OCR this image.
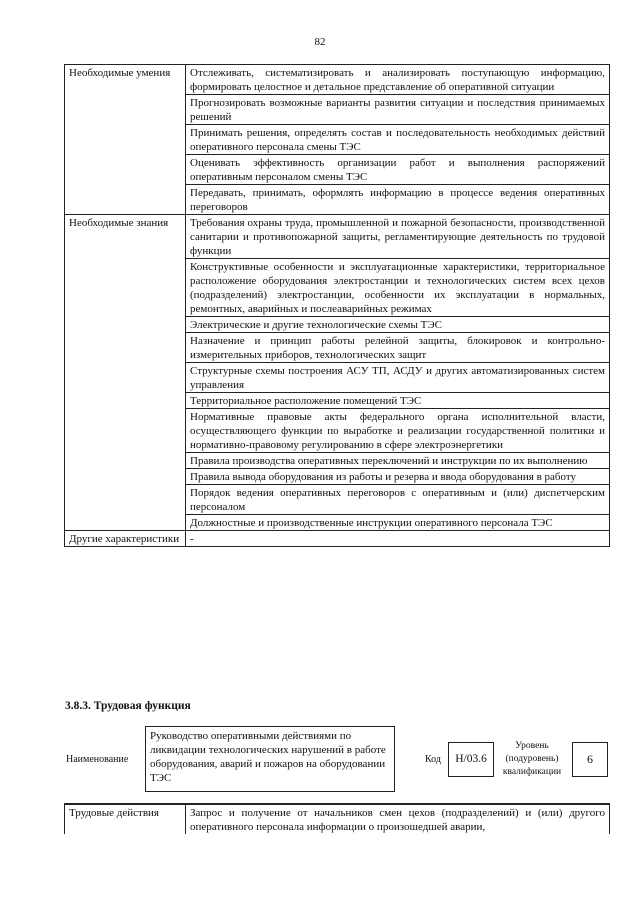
82
Необходимые умения	Отслеживать, систематизировать и анализировать поступающую информацию, формировать целостное и детальное представление об оперативной ситуации
	Прогнозировать возможные варианты развития ситуации и последствия принимаемых решений
	Принимать решения, определять состав и последовательность необходимых действий оперативного персонала смены ТЭС
	Оценивать эффективность организации работ и выполнения распоряжений оперативным персоналом смены ТЭС
	Передавать, принимать, оформлять информацию в процессе ведения оперативных переговоров
Необходимые знания	Требования охраны труда, промышленной и пожарной безопасности, производственной санитарии и противопожарной защиты, регламентирующие деятельность по трудовой функции
	Конструктивные особенности и эксплуатационные характеристики, территориальное расположение оборудования электростанции и технологических систем всех цехов (подразделений) электростанции, особенности их эксплуатации в нормальных, ремонтных, аварийных и послеаварийных режимах
	Электрические и другие технологические схемы ТЭС
	Назначение и принцип работы релейной защиты, блокировок и контрольно-измерительных приборов, технологических защит
	Структурные схемы построения АСУ ТП, АСДУ и других автоматизированных систем управления
	Территориальное расположение помещений ТЭС
	Нормативные правовые акты федерального органа исполнительной власти, осуществляющего функции по выработке и реализации государственной политики и нормативно-правовому регулированию в сфере электроэнергетики
	Правила производства оперативных переключений и инструкции по их выполнению
	Правила вывода оборудования из работы и резерва и ввода оборудования в работу
	Порядок ведения оперативных переговоров с оперативным и (или) диспетчерским персоналом
	Должностные и производственные инструкции оперативного персонала ТЭС
Другие характеристики	-
3.8.3. Трудовая функция
Наименование
Руководство оперативными действиями по ликвидации технологических нарушений в работе оборудования, аварий и пожаров на оборудовании ТЭС
Код	Н/03.6
Уровень (подуровень) квалификации
6
Трудовые действия	Запрос и получение от начальников смен цехов (подразделений) и (или) другого оперативного персонала информации о произошедшей аварии,
